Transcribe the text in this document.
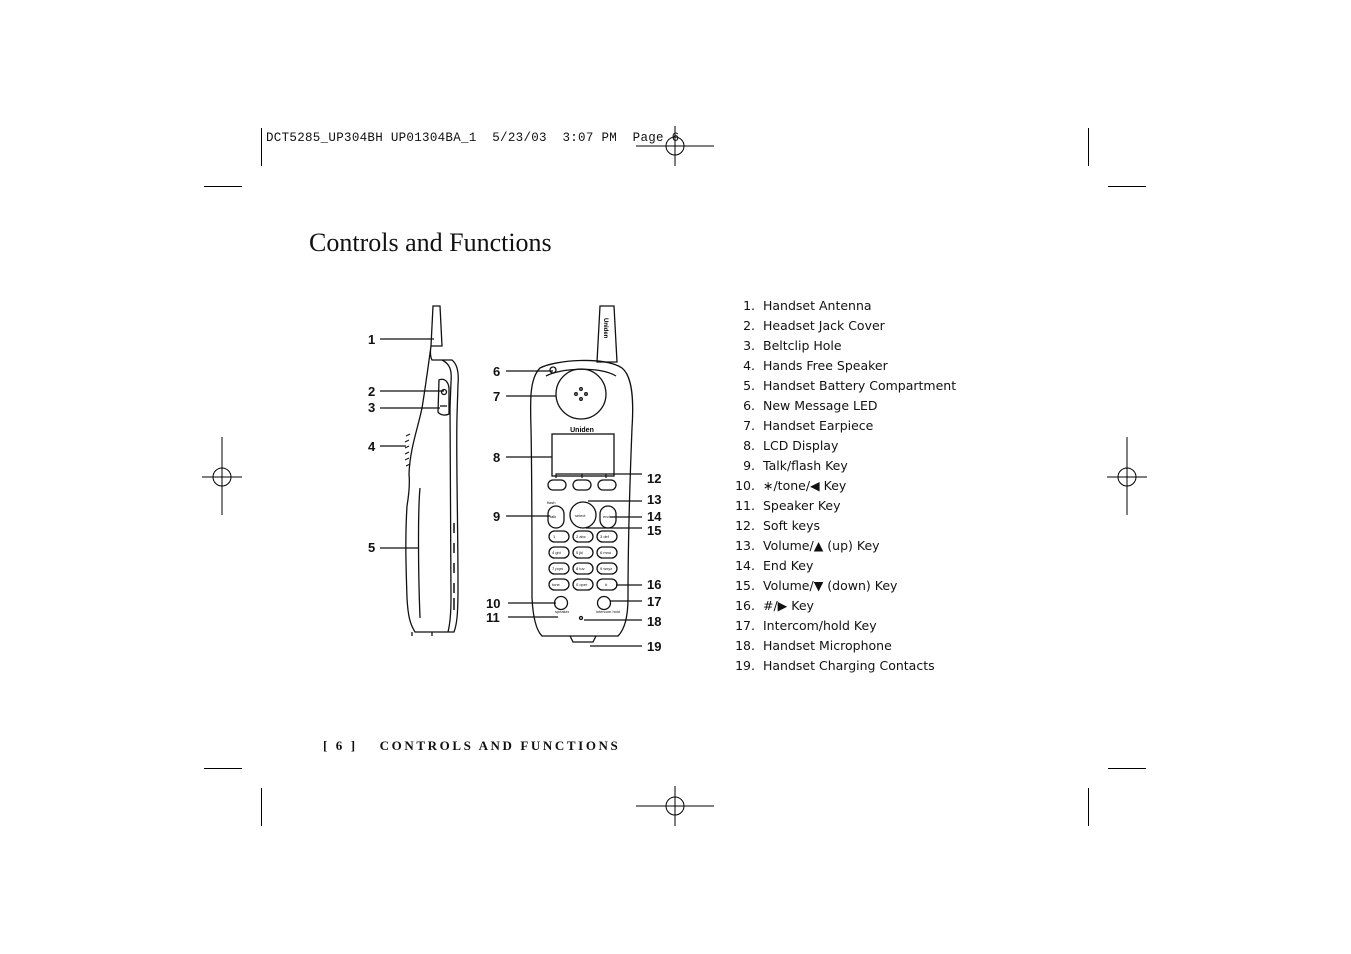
DCT5285_UP304BH UP01304BA_1  5/23/03  3:07 PM  Page 6
Controls and Functions
Uniden
Uniden
talk
flash
select	end
speaker	intercom hold
1	2 abc	3 def
4 ghi	5 jkl	6 mno
7 pqrs	8 tuv	9 wxyz
tone	0 oper	#
1
2
3
4
5
6
7
8
9
10
11
12
13
14
15
16
17
18
19
1. Handset Antenna
2. Headset Jack Cover
3. Beltclip Hole
4. Hands Free Speaker
5. Handset Battery Compartment
6. New Message LED
7. Handset Earpiece
8. LCD Display
9. Talk/flash Key
10. ∗/tone/◀ Key
11. Speaker Key
12. Soft keys
13. Volume/▲ (up) Key
14. End Key
15. Volume/▼ (down) Key
16. #/▶ Key
17. Intercom/hold Key
18. Handset Microphone
19. Handset Charging Contacts
[ 6 ] CONTROLS AND FUNCTIONS
